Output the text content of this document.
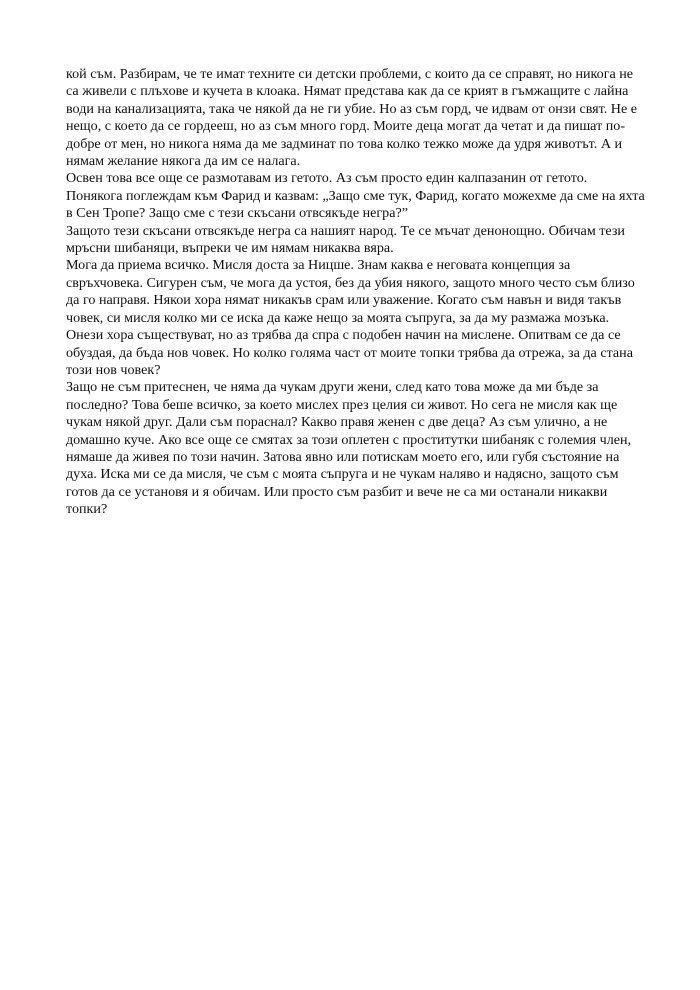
кой съм. Разбирам, че те имат техните си детски проблеми, с които да се справят, но никога не са живели с плъхове и кучета в клоака. Нямат представа как да се крият в гъмжащите с лайна води на канализацията, така че някой да не ги убие. Но аз съм горд, че идвам от онзи свят. Не е нещо, с което да се гордееш, но аз съм много горд. Моите деца могат да четат и да пишат по-добре от мен, но никога няма да ме задминат по това колко тежко може да удря животът. А и нямам желание някога да им се налага.

Освен това все още се размотавам из гетото. Аз съм просто един калпазанин от гетото. Понякога поглеждам към Фарид и казвам: „Защо сме тук, Фарид, когато можехме да сме на яхта в Сен Тропе? Защо сме с тези скъсани отвсякъде негра?”

Защото тези скъсани отвсякъде негра са нашият народ. Те се мъчат денонощно. Обичам тези мръсни шибаняци, въпреки че им нямам никаква вяра.

Мога да приема всичко. Мисля доста за Ницше. Знам каква е неговата концепция за свръхчовека. Сигурен съм, че мога да устоя, без да убия някого, защото много често съм близо да го направя. Някои хора нямат никакъв срам или уважение. Когато съм навън и видя такъв човек, си мисля колко ми се иска да каже нещо за моята съпруга, за да му размажа мозъка. Онези хора съществуват, но аз трябва да спра с подобен начин на мислене. Опитвам се да се обуздая, да бъда нов човек. Но колко голяма част от моите топки трябва да отрежа, за да стана този нов човек?

Защо не съм притеснен, че няма да чукам други жени, след като това може да ми бъде за последно? Това беше всичко, за което мислех през целия си живот. Но сега не мисля как ще чукам някой друг. Дали съм пораснал? Какво правя женен с две деца? Аз съм улично, а не домашно куче. Ако все още се смятах за този оплетен с проститутки шибаняк с големия член, нямаше да живея по този начин. Затова явно или потискам моето его, или губя състояние на духа. Иска ми се да мисля, че съм с моята съпруга и не чукам наляво и надясно, защото съм готов да се установя и я обичам. Или просто съм разбит и вече не са ми останали никакви топки?
